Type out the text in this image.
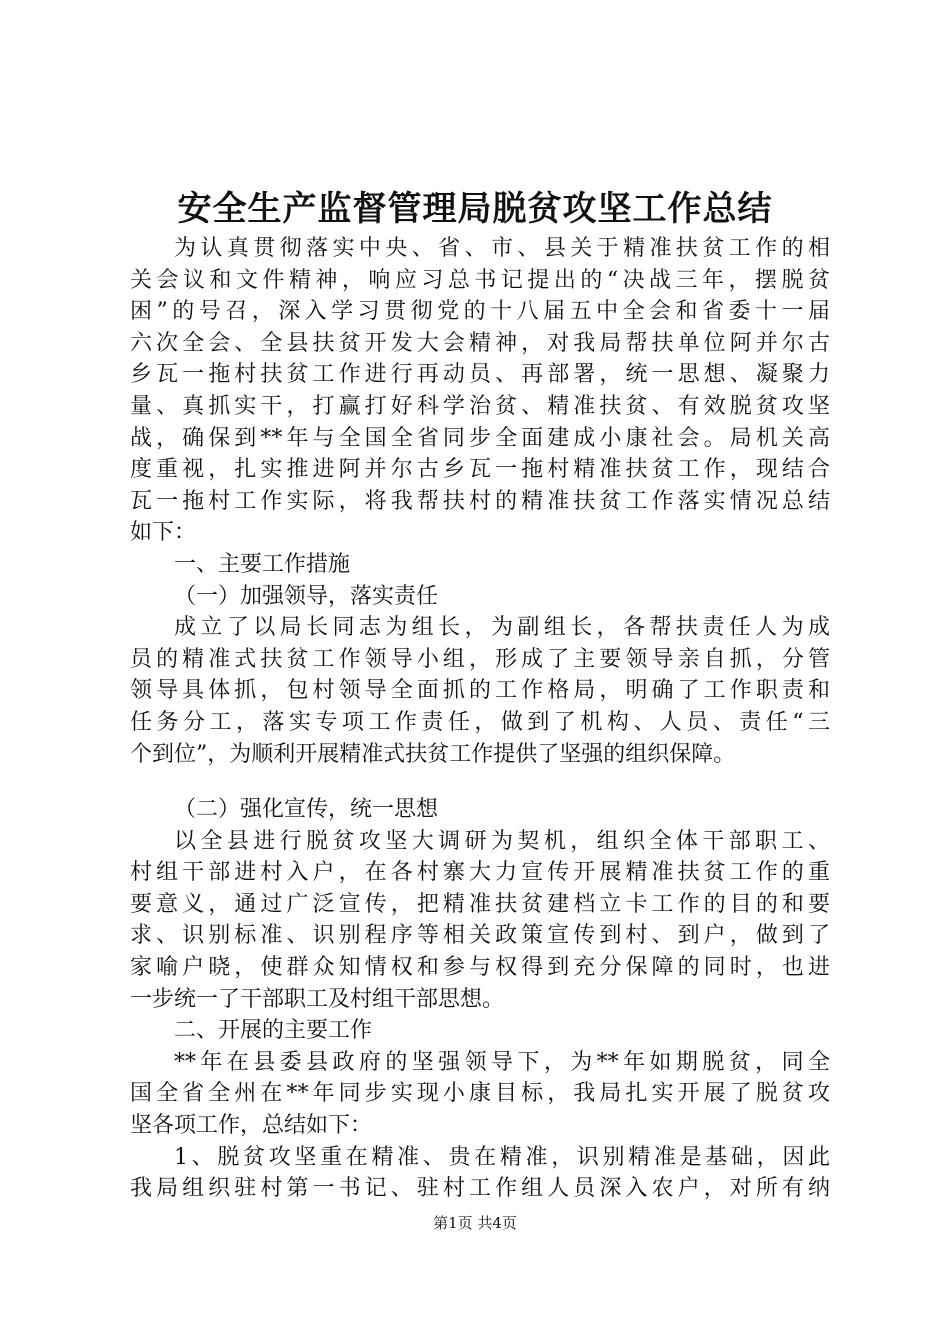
安全生产监督管理局脱贫攻坚工作总结
为认真贯彻落实中央、省、市、县关于精准扶贫工作的相
关会议和文件精神，响应习总书记提出的“决战三年，摆脱贫
困”的号召，深入学习贯彻党的十八届五中全会和省委十一届
六次全会、全县扶贫开发大会精神，对我局帮扶单位阿并尔古
乡瓦一拖村扶贫工作进行再动员、再部署，统一思想、凝聚力
量、真抓实干，打赢打好科学治贫、精准扶贫、有效脱贫攻坚
战，确保到**年与全国全省同步全面建成小康社会。局机关高
度重视，扎实推进阿并尔古乡瓦一拖村精准扶贫工作，现结合
瓦一拖村工作实际，将我帮扶村的精准扶贫工作落实情况总结
如下：
一、主要工作措施
（一）加强领导，落实责任
成立了以局长同志为组长，为副组长，各帮扶责任人为成
员的精准式扶贫工作领导小组，形成了主要领导亲自抓，分管
领导具体抓，包村领导全面抓的工作格局，明确了工作职责和
任务分工，落实专项工作责任，做到了机构、人员、责任“三
个到位”，为顺利开展精准式扶贫工作提供了坚强的组织保障。
（二）强化宣传，统一思想
以全县进行脱贫攻坚大调研为契机，组织全体干部职工、
村组干部进村入户，在各村寨大力宣传开展精准扶贫工作的重
要意义，通过广泛宣传，把精准扶贫建档立卡工作的目的和要
求、识别标准、识别程序等相关政策宣传到村、到户，做到了
家喻户晓，使群众知情权和参与权得到充分保障的同时，也进
一步统一了干部职工及村组干部思想。
二、开展的主要工作
**年在县委县政府的坚强领导下，为**年如期脱贫，同全
国全省全州在**年同步实现小康目标，我局扎实开展了脱贫攻
坚各项工作，总结如下：
1、脱贫攻坚重在精准、贵在精准，识别精准是基础，因此
我局组织驻村第一书记、驻村工作组人员深入农户，对所有纳
第1页 共4页
